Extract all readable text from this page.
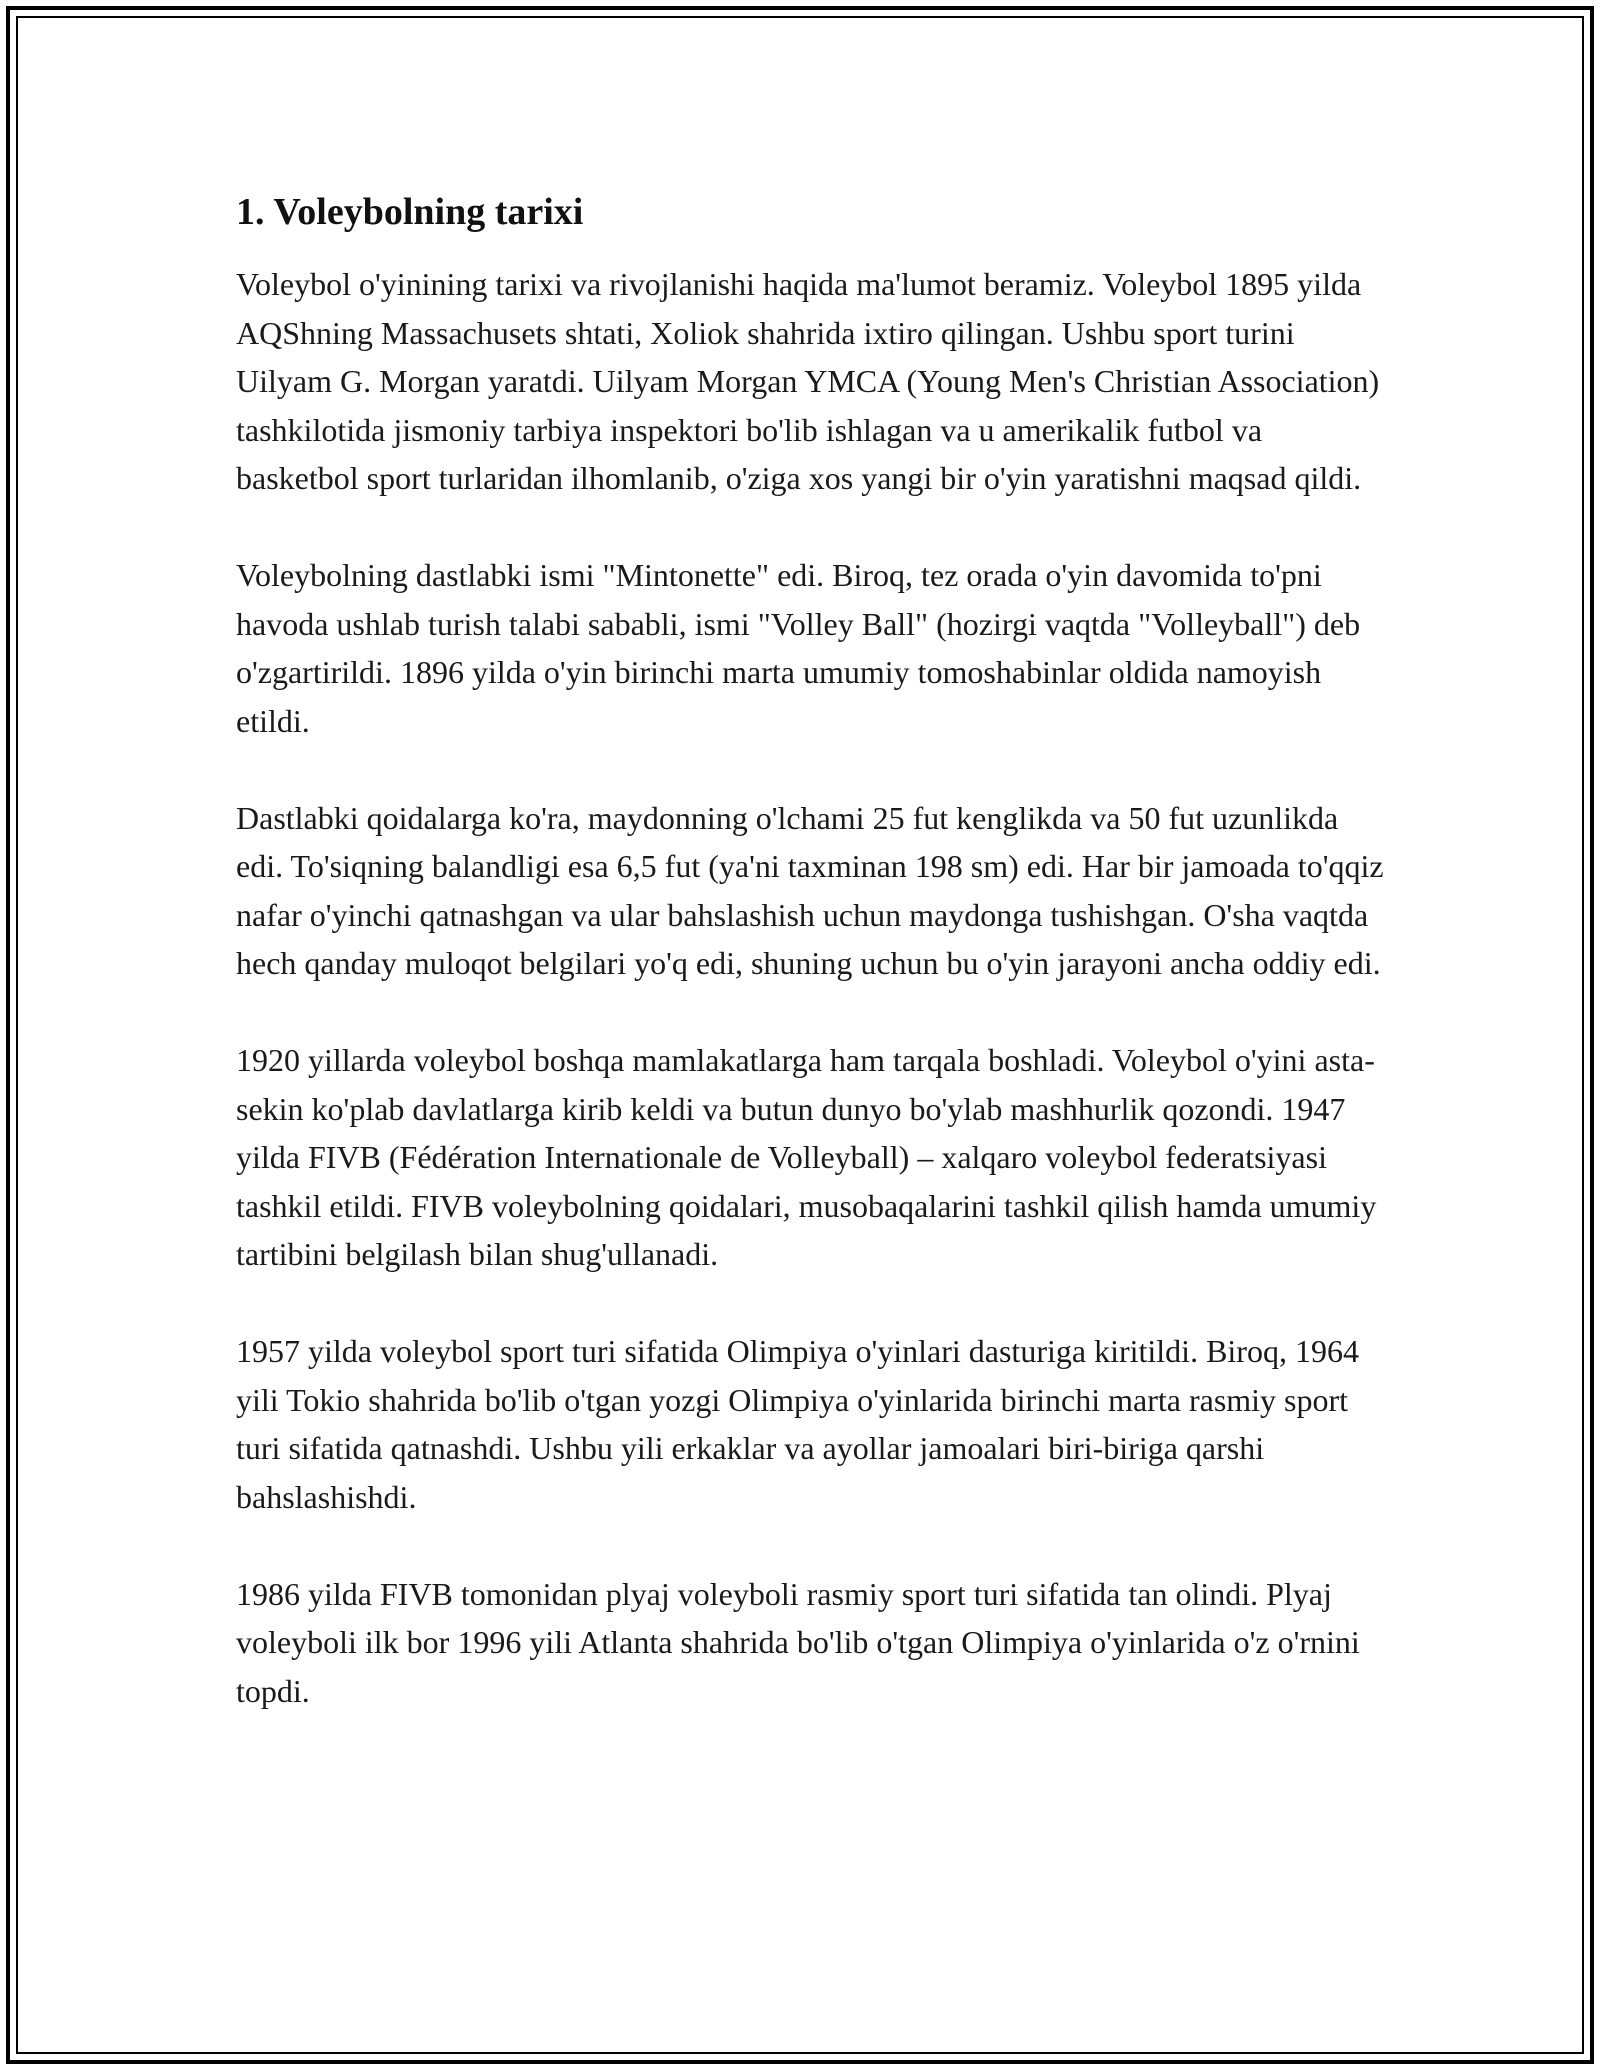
1. Voleybolning tarixi

Voleybol o'yinining tarixi va rivojlanishi haqida ma'lumot beramiz. Voleybol 1895 yilda AQShning Massachusets shtati, Xoliok shahrida ixtiro qilingan. Ushbu sport turini Uilyam G. Morgan yaratdi. Uilyam Morgan YMCA (Young Men's Christian Association) tashkilotida jismoniy tarbiya inspektori bo'lib ishlagan va u amerikalik futbol va basketbol sport turlaridan ilhomlanib, o'ziga xos yangi bir o'yin yaratishni maqsad qildi.

Voleybolning dastlabki ismi "Mintonette" edi. Biroq, tez orada o'yin davomida to'pni havoda ushlab turish talabi sababli, ismi "Volley Ball" (hozirgi vaqtda "Volleyball") deb o'zgartirildi. 1896 yilda o'yin birinchi marta umumiy tomoshabinlar oldida namoyish etildi.

Dastlabki qoidalarga ko'ra, maydonning o'lchami 25 fut kenglikda va 50 fut uzunlikda edi. To'siqning balandligi esa 6,5 fut (ya'ni taxminan 198 sm) edi. Har bir jamoada to'qqiz nafar o'yinchi qatnashgan va ular bahslashish uchun maydonga tushishgan. O'sha vaqtda hech qanday muloqot belgilari yo'q edi, shuning uchun bu o'yin jarayoni ancha oddiy edi.

1920 yillarda voleybol boshqa mamlakatlarga ham tarqala boshladi. Voleybol o'yini asta-sekin ko'plab davlatlarga kirib keldi va butun dunyo bo'ylab mashhurlik qozondi. 1947 yilda FIVB (Fédération Internationale de Volleyball) – xalqaro voleybol federatsiyasi tashkil etildi. FIVB voleybolning qoidalari, musobaqalarini tashkil qilish hamda umumiy tartibini belgilash bilan shug'ullanadi.

1957 yilda voleybol sport turi sifatida Olimpiya o'yinlari dasturiga kiritildi. Biroq, 1964 yili Tokio shahrida bo'lib o'tgan yozgi Olimpiya o'yinlarida birinchi marta rasmiy sport turi sifatida qatnashdi. Ushbu yili erkaklar va ayollar jamoalari biri-biriga qarshi bahslashishdi.

1986 yilda FIVB tomonidan plyaj voleyboli rasmiy sport turi sifatida tan olindi. Plyaj voleyboli ilk bor 1996 yili Atlanta shahrida bo'lib o'tgan Olimpiya o'yinlarida o'z o'rnini topdi.
